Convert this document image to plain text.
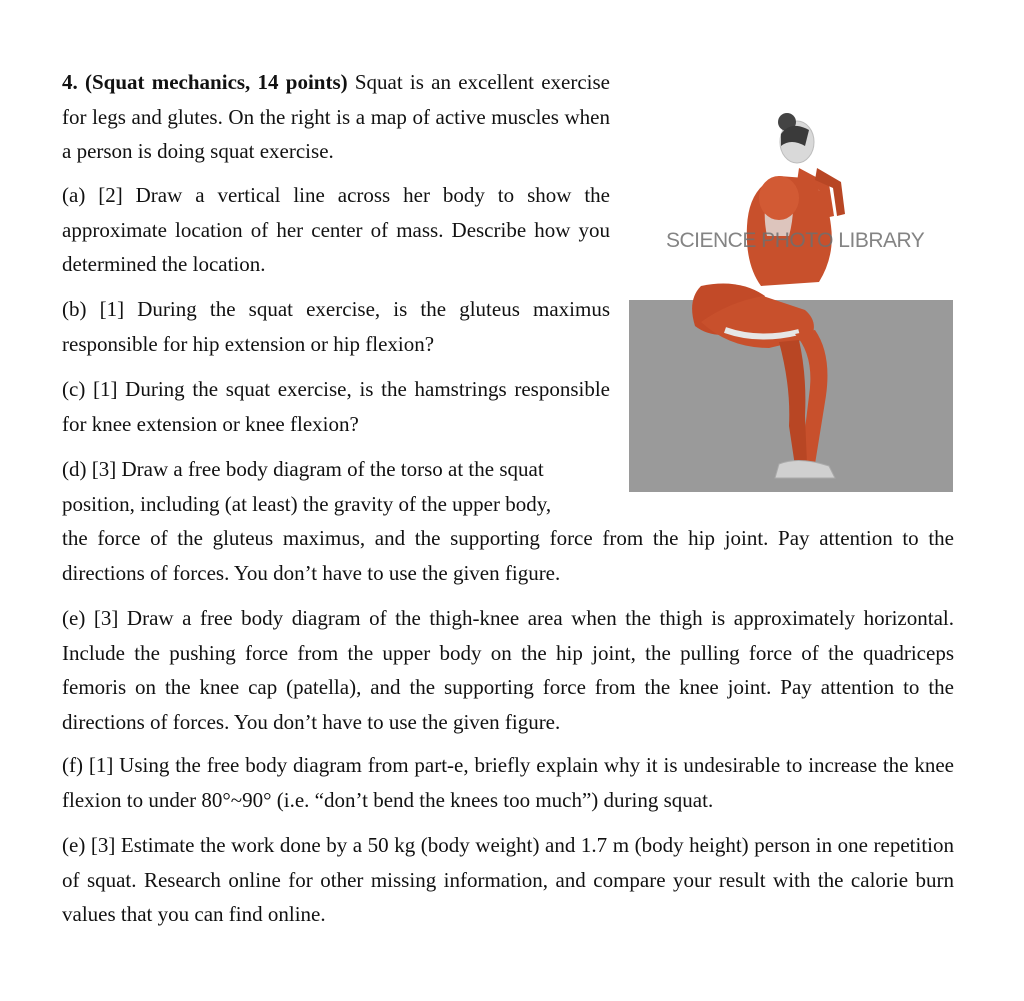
4. (Squat mechanics, 14 points) Squat is an excellent exercise for legs and glutes. On the right is a map of active muscles when a person is doing squat exercise.

(a) [2] Draw a vertical line across her body to show the approximate location of her center of mass. Describe how you determined the location.

(b) [1] During the squat exercise, is the gluteus maximus responsible for hip extension or hip flexion?

(c) [1] During the squat exercise, is the hamstrings responsible for knee extension or knee flexion?

(d) [3] Draw a free body diagram of the torso at the squat
position, including (at least) the gravity of the upper body,
the force of the gluteus maximus, and the supporting force from the hip joint. Pay attention to the directions of forces. You don’t have to use the given figure.

(e) [3] Draw a free body diagram of the thigh-knee area when the thigh is approximately horizontal. Include the pushing force from the upper body on the hip joint, the pulling force of the quadriceps femoris on the knee cap (patella), and the supporting force from the knee joint. Pay attention to the directions of forces. You don’t have to use the given figure.

(f) [1] Using the free body diagram from part-e, briefly explain why it is undesirable to increase the knee flexion to under 80°~90° (i.e. “don’t bend the knees too much”) during squat.

(e) [3] Estimate the work done by a 50 kg (body weight) and 1.7 m (body height) person in one repetition of squat. Research online for other missing information, and compare your result with the calorie burn values that you can find online.

SCIENCE PHOTO LIBRARY
